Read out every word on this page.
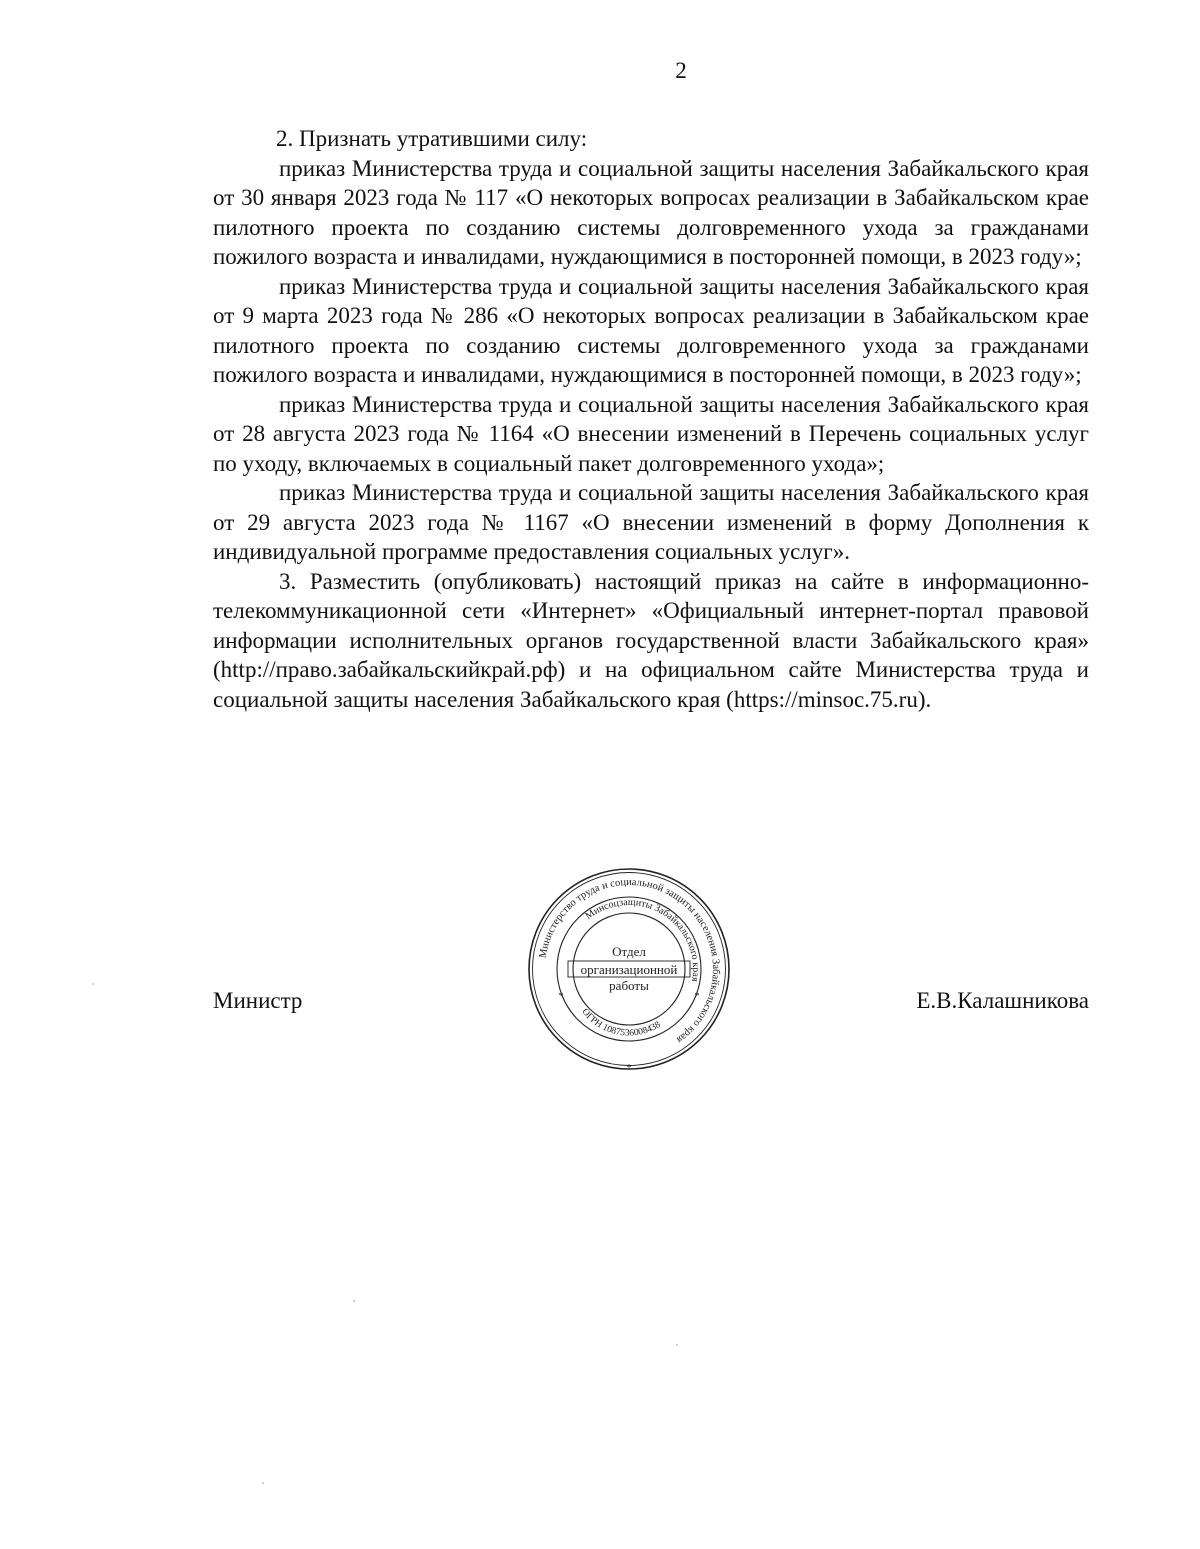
2

2. Признать утратившими силу:

приказ Министерства труда и социальной защиты населения Забайкальского края от 30 января 2023 года № 117 «О некоторых вопросах реализации в Забайкальском крае пилотного проекта по созданию системы долговременного ухода за гражданами пожилого возраста и инвалидами, нуждающимися в посторонней помощи, в 2023 году»;

приказ Министерства труда и социальной защиты населения Забайкальского края от 9 марта 2023 года № 286 «О некоторых вопросах реализации в Забайкальском крае пилотного проекта по созданию системы долговременного ухода за гражданами пожилого возраста и инвалидами, нуждающимися в посторонней помощи, в 2023 году»;

приказ Министерства труда и социальной защиты населения Забайкальского края от 28 августа 2023 года № 1164 «О внесении изменений в Перечень социальных услуг по уходу, включаемых в социальный пакет долговременного ухода»;

приказ Министерства труда и социальной защиты населения Забайкальского края от 29 августа 2023 года № 1167 «О внесении изменений в форму Дополнения к индивидуальной программе предоставления социальных услуг».

3. Разместить (опубликовать) настоящий приказ на сайте в информационно-телекоммуникационной сети «Интернет» «Официальный интернет-портал правовой информации исполнительных органов государственной власти Забайкальского края» (http://право.забайкальскийкрай.рф) и на официальном сайте Министерства труда и социальной защиты населения Забайкальского края (https://minsoc.75.ru).

Министр	Е.В.Калашникова
Министерство труда и социальной защиты населения Забайкальского края
Минсоцзащиты Забайкальского края
ОГРН 1087536008438
Отдел
организационной
работы
*	*
*
